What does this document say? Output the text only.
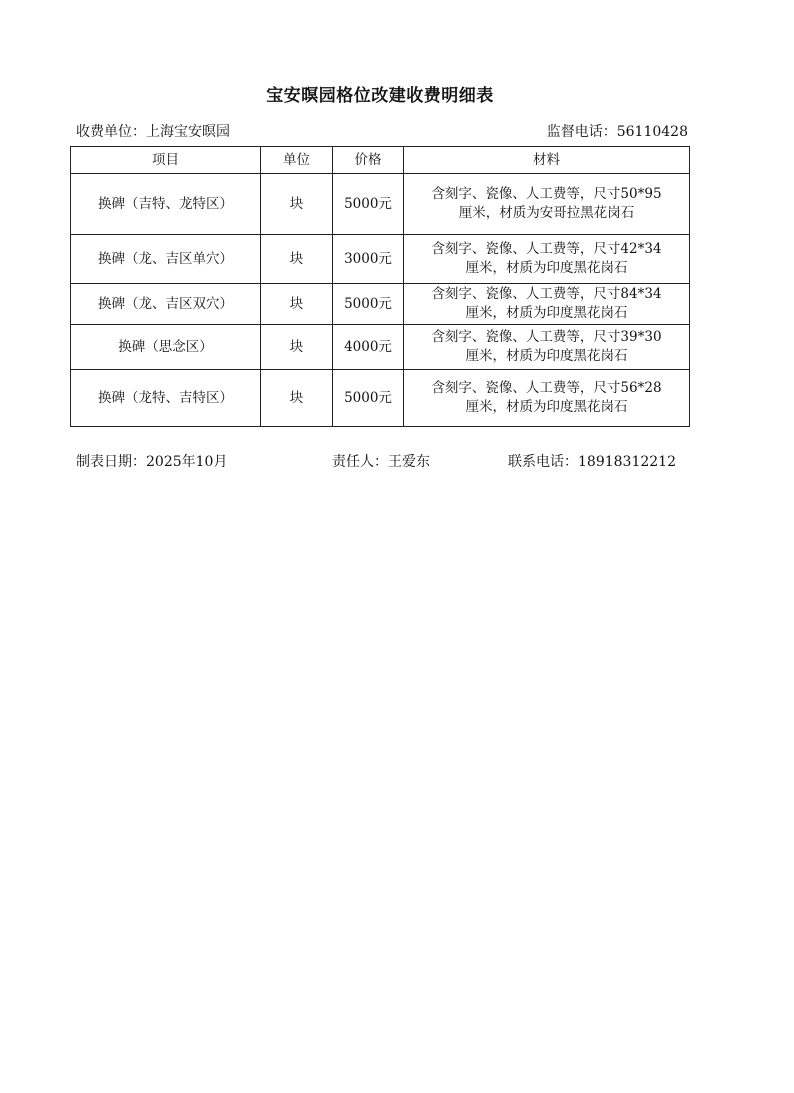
宝安暝园格位改建收费明细表
收费单位：上海宝安暝园	监督电话：56110428
项目	单位	价格	材料
换碑（吉特、龙特区）	块	5000元	含刻字、瓷像、人工费等，尺寸50*95
厘米，材质为安哥拉黑花岗石

换碑（龙、吉区单穴）	块	3000元	含刻字、瓷像、人工费等，尺寸42*34
厘米，材质为印度黑花岗石

换碑（龙、吉区双穴）	块	5000元	含刻字、瓷像、人工费等，尺寸84*34
厘米，材质为印度黑花岗石

换碑（思念区）	块	4000元	含刻字、瓷像、人工费等，尺寸39*30
厘米，材质为印度黑花岗石

换碑（龙特、吉特区）	块	5000元	含刻字、瓷像、人工费等，尺寸56*28
厘米，材质为印度黑花岗石
制表日期：2025年10月	责任人：王爱东	联系电话：18918312212
